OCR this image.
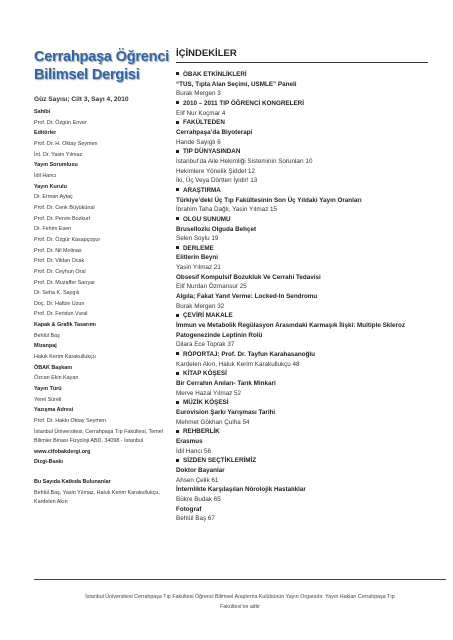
Cerrahpaşa Öğrenci
Bilimsel Dergisi
Güz Sayısı; Cilt 3, Sayı 4, 2010
Sahibi
Prof. Dr. Özgün Enver
Editörler
Prof. Dr. H. Oktay Seymen
İnt. Dr. Yasin Yılmaz
Yayın Sorumlusu
İdil Hancı
Yayın Kurulu
Dr. Erman Aytaç
Prof. Dr. Cenk Büyükünal
Prof. Dr. Pervin Bozkurt
Dr. Fehim Esen
Prof. Dr. Özgür Kasapçopur
Prof. Dr. Nil Molinas
Prof. Dr. Vildan Ocak
Prof. Dr. Ceyhun Oral
Prof. Dr. Muzaffer Sarıyar
Dr. Seha K. Saygılı
Doç. Dr. Hafize Uzun
Prof. Dr. Feridun Vural
Kapak & Grafik Tasarımı
Behlül Baş
Mizanpaj
Haluk Kerim Karakullukçu
ÖBAK Başkanı
Özcan Ekin Kayan
Yayın Türü
Yerel Süreli
Yazışma Adresi
Prof. Dr. Hakkı Oktay Seymen
İstanbul Üniversitesi, Cerrahpaşa Tıp Fakültesi, Temel Bilimler Binası Fizyoloji ABD, 34098 - İstanbul
www.ctfobakdergi.org
Dizgi-Baskı
Bu Sayıda Katkıda Bulunanlar
Behlül Baş, Yasin Yılmaz, Haluk Kerim Karakullukçu, Kardelen Akın
İÇİNDEKİLER
ÖBAK ETKİNLİKLERİ
“TUS, Tıpta Alan Seçimi, USMLE” Paneli
Burak Mergen 3
2010 – 2011 TIP ÖĞRENCİ KONGRELERİ
Elif Nur Koçmar 4
FAKÜLTEDEN
Cerrahpaşa’da Biyoterapi
Hande Sayıglı 6
TIP DÜNYASINDAN
İstanbul’da Aile Hekimliği Sisteminin Sorunları 10
Hekimlere Yönelik Şiddet 12
İki, Üç Veya Dörtten İyidir! 13
ARAŞTIRMA
Türkiye’deki Üç Tıp Fakültesinin Son Üç Yıldaki Yayın Oranları
İbrahim Taha Dağlı, Yasin Yılmaz 15
OLGU SUNUMU
Brusellozlu Olguda Behçet
Selen Soylu 19
DERLEME
Elitlerin Beyni
Yasin Yılmaz 21
Obsesif Kompulsif Bozukluk Ve Cerrahi Tedavisi
Elif Nurdan Özmansur 25
Algıla; Fakat Yanıt Verme: Locked-In Sendromu
Burak Mergen 32
ÇEVİRİ MAKALE
İmmun ve Metabolik Regülasyon Arasındaki Karmaşık İlişki: Multiple Skleroz
Patogenezinde Leptinin Rolü
Dilara Ece Toprak 37
RÖPORTAJ: Prof. Dr. Tayfun Karahasanoğlu
Kardelen Akın, Haluk Kerim Karakullukçu 48
KİTAP KÖŞESİ
Bir Cerrahın Anıları- Tarık Minkari
Merve Hazal Yılmaz 52
MÜZİK KÖŞESİ
Eurovision Şarkı Yarışması Tarihi
Mehmet Gökhan Çulha 54
REHBERLİK
Erasmus
İdil Hancı 56
SİZDEN SEÇTİKLERİMİZ
Doktor Bayanlar
Ahsen Çelik 61
İnternlikte Karşılaşılan Nörolojik Hastalıklar
Bükre Budak 65
Fotograf
Behlül Baş 67
İstanbul Üniversitesi Cerrahpaşa Tıp Fakültesi Öğrenci Bilimsel Araştırma Kulübünün Yayın Organıdır. Yayın Hakları Cerrahpaşa Tıp
Fakültesi’ne aittir
